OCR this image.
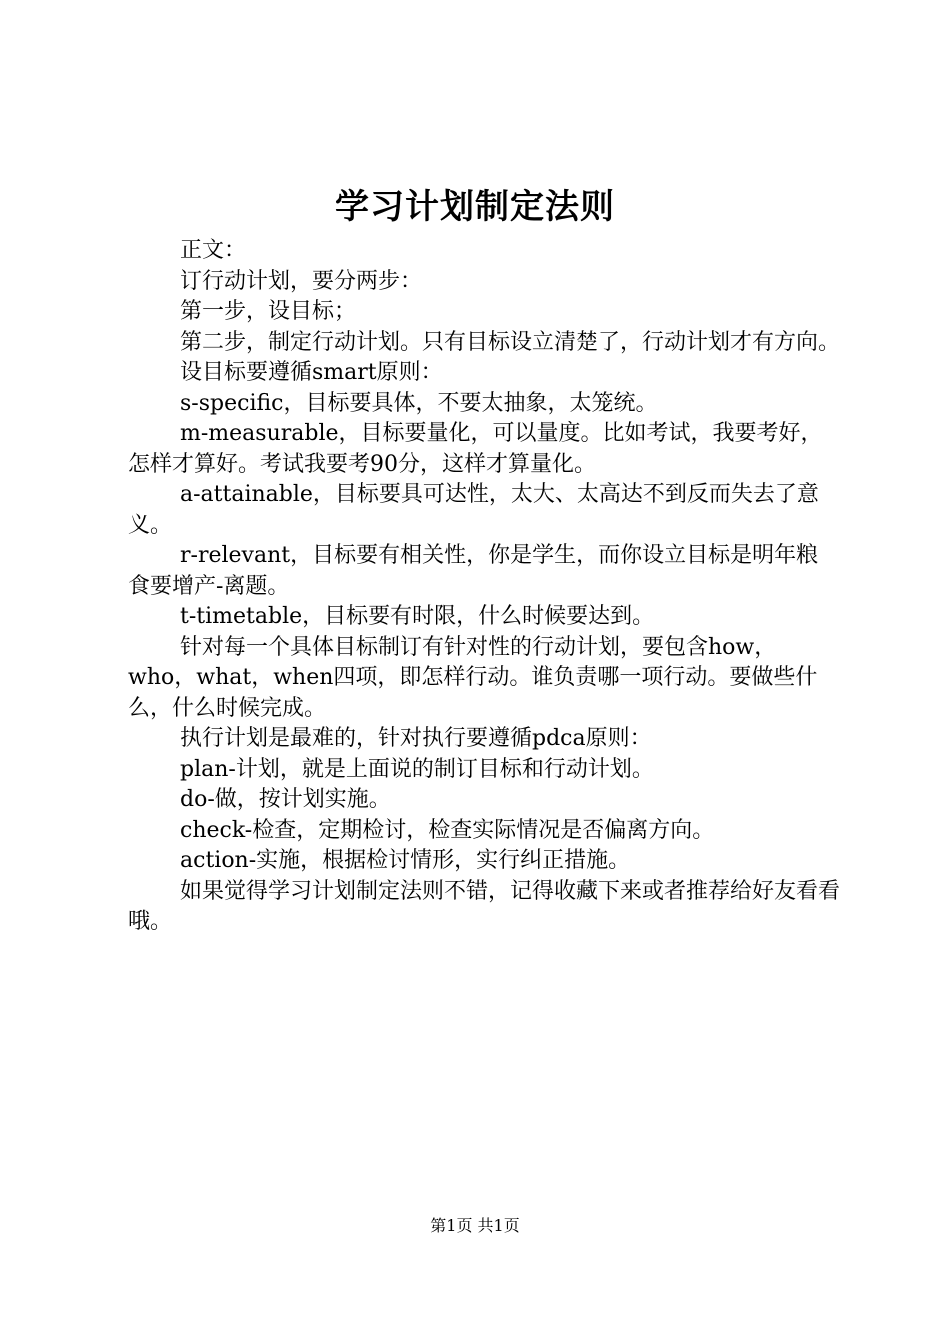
学习计划制定法则

正文：

订行动计划，要分两步：

第一步，设目标；

第二步，制定行动计划。只有目标设立清楚了，行动计划才有方向。

设目标要遵循smart原则：

s-specific，目标要具体，不要太抽象，太笼统。

m-measurable，目标要量化，可以量度。比如考试，我要考好，怎样才算好。考试我要考90分，这样才算量化。

a-attainable，目标要具可达性，太大、太高达不到反而失去了意义。

r-relevant，目标要有相关性，你是学生，而你设立目标是明年粮食要增产-离题。

t-timetable，目标要有时限，什么时候要达到。

针对每一个具体目标制订有针对性的行动计划，要包含how，who，what，when四项，即怎样行动。谁负责哪一项行动。要做些什么，什么时候完成。

执行计划是最难的，针对执行要遵循pdca原则：

plan-计划，就是上面说的制订目标和行动计划。

do-做，按计划实施。

check-检查，定期检讨，检查实际情况是否偏离方向。

action-实施，根据检讨情形，实行纠正措施。

如果觉得学习计划制定法则不错，记得收藏下来或者推荐给好友看看哦。

第1页 共1页
